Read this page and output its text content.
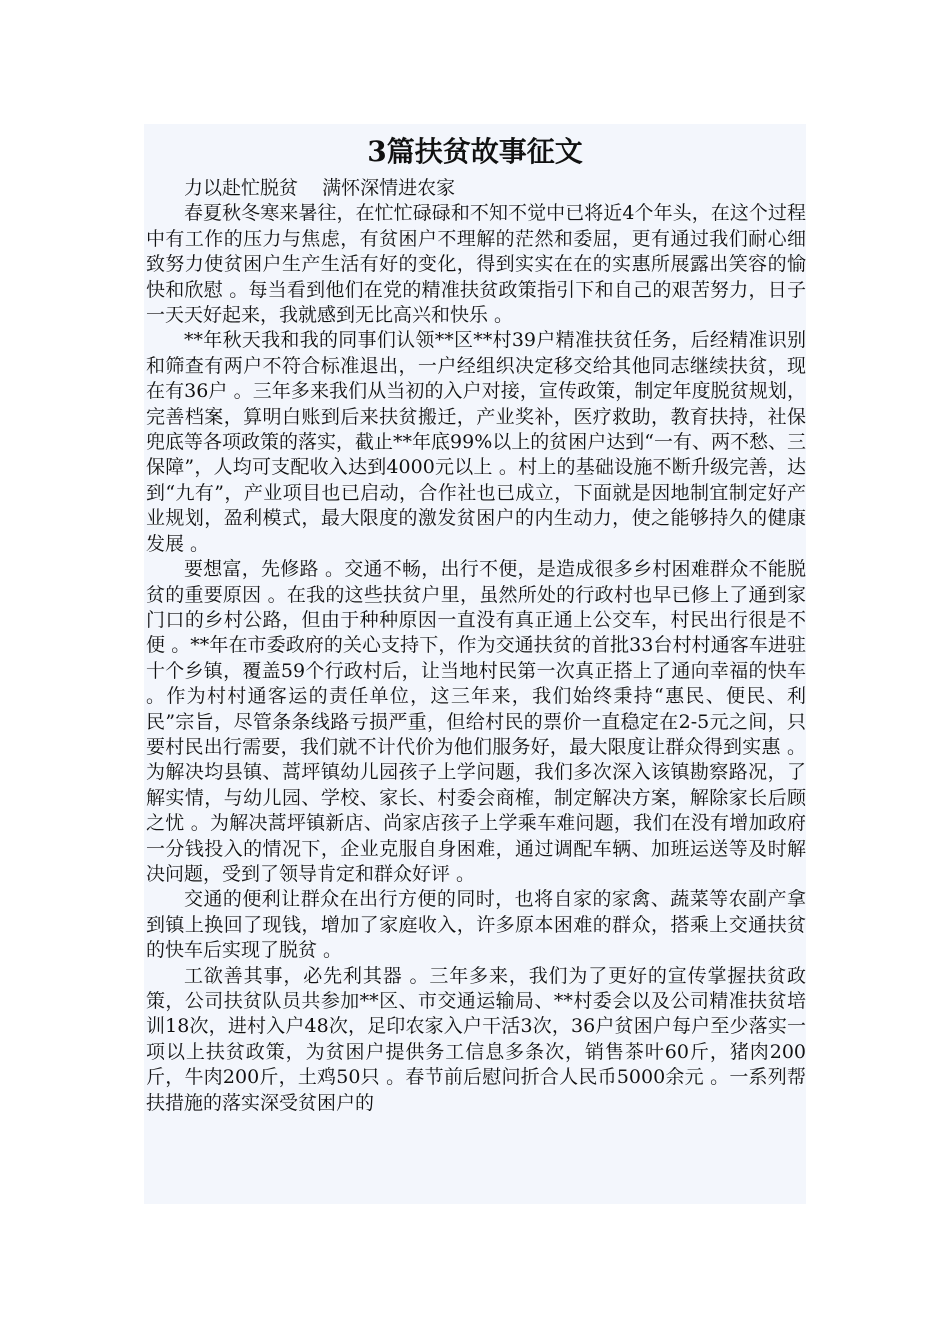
3篇扶贫故事征文

力以赴忙脱贫    满怀深情进农家

春夏秋冬寒来暑往，在忙忙碌碌和不知不觉中已将近4个年头，在这个过程中有工作的压力与焦虑，有贫困户不理解的茫然和委屈，更有通过我们耐心细致努力使贫困户生产生活有好的变化，得到实实在在的实惠所展露出笑容的愉快和欣慰 。每当看到他们在党的精准扶贫政策指引下和自己的艰苦努力，日子一天天好起来，我就感到无比高兴和快乐 。

**年秋天我和我的同事们认领**区**村39户精准扶贫任务，后经精准识别和筛查有两户不符合标准退出，一户经组织决定移交给其他同志继续扶贫，现在有36户 。三年多来我们从当初的入户对接，宣传政策，制定年度脱贫规划，完善档案，算明白账到后来扶贫搬迁，产业奖补，医疗救助，教育扶持，社保兜底等各项政策的落实，截止**年底99%以上的贫困户达到“一有、两不愁、三保障”，人均可支配收入达到4000元以上 。村上的基础设施不断升级完善，达到“九有”，产业项目也已启动，合作社也已成立，下面就是因地制宜制定好产业规划，盈利模式，最大限度的激发贫困户的内生动力，使之能够持久的健康发展 。

要想富，先修路 。交通不畅，出行不便，是造成很多乡村困难群众不能脱贫的重要原因 。在我的这些扶贫户里，虽然所处的行政村也早已修上了通到家门口的乡村公路，但由于种种原因一直没有真正通上公交车，村民出行很是不便 。**年在市委政府的关心支持下，作为交通扶贫的首批33台村村通客车进驻十个乡镇，覆盖59个行政村后，让当地村民第一次真正搭上了通向幸福的快车 。作为村村通客运的责任单位，这三年来，我们始终秉持“惠民、便民、利民”宗旨，尽管条条线路亏损严重，但给村民的票价一直稳定在2-5元之间，只要村民出行需要，我们就不计代价为他们服务好，最大限度让群众得到实惠 。为解决均县镇、蒿坪镇幼儿园孩子上学问题，我们多次深入该镇勘察路况，了解实情，与幼儿园、学校、家长、村委会商榷，制定解决方案，解除家长后顾之忧 。为解决蒿坪镇新店、尚家店孩子上学乘车难问题，我们在没有增加政府一分钱投入的情况下，企业克服自身困难，通过调配车辆、加班运送等及时解决问题，受到了领导肯定和群众好评 。

交通的便利让群众在出行方便的同时，也将自家的家禽、蔬菜等农副产拿到镇上换回了现钱，增加了家庭收入，许多原本困难的群众，搭乘上交通扶贫的快车后实现了脱贫 。

工欲善其事，必先利其器 。三年多来，我们为了更好的宣传掌握扶贫政策，公司扶贫队员共参加**区、市交通运输局、**村委会以及公司精准扶贫培训18次，进村入户48次，足印农家入户干活3次，36户贫困户每户至少落实一项以上扶贫政策，为贫困户提供务工信息多条次，销售茶叶60斤，猪肉200斤，牛肉200斤，土鸡50只 。春节前后慰问折合人民币5000余元 。一系列帮扶措施的落实深受贫困户的
